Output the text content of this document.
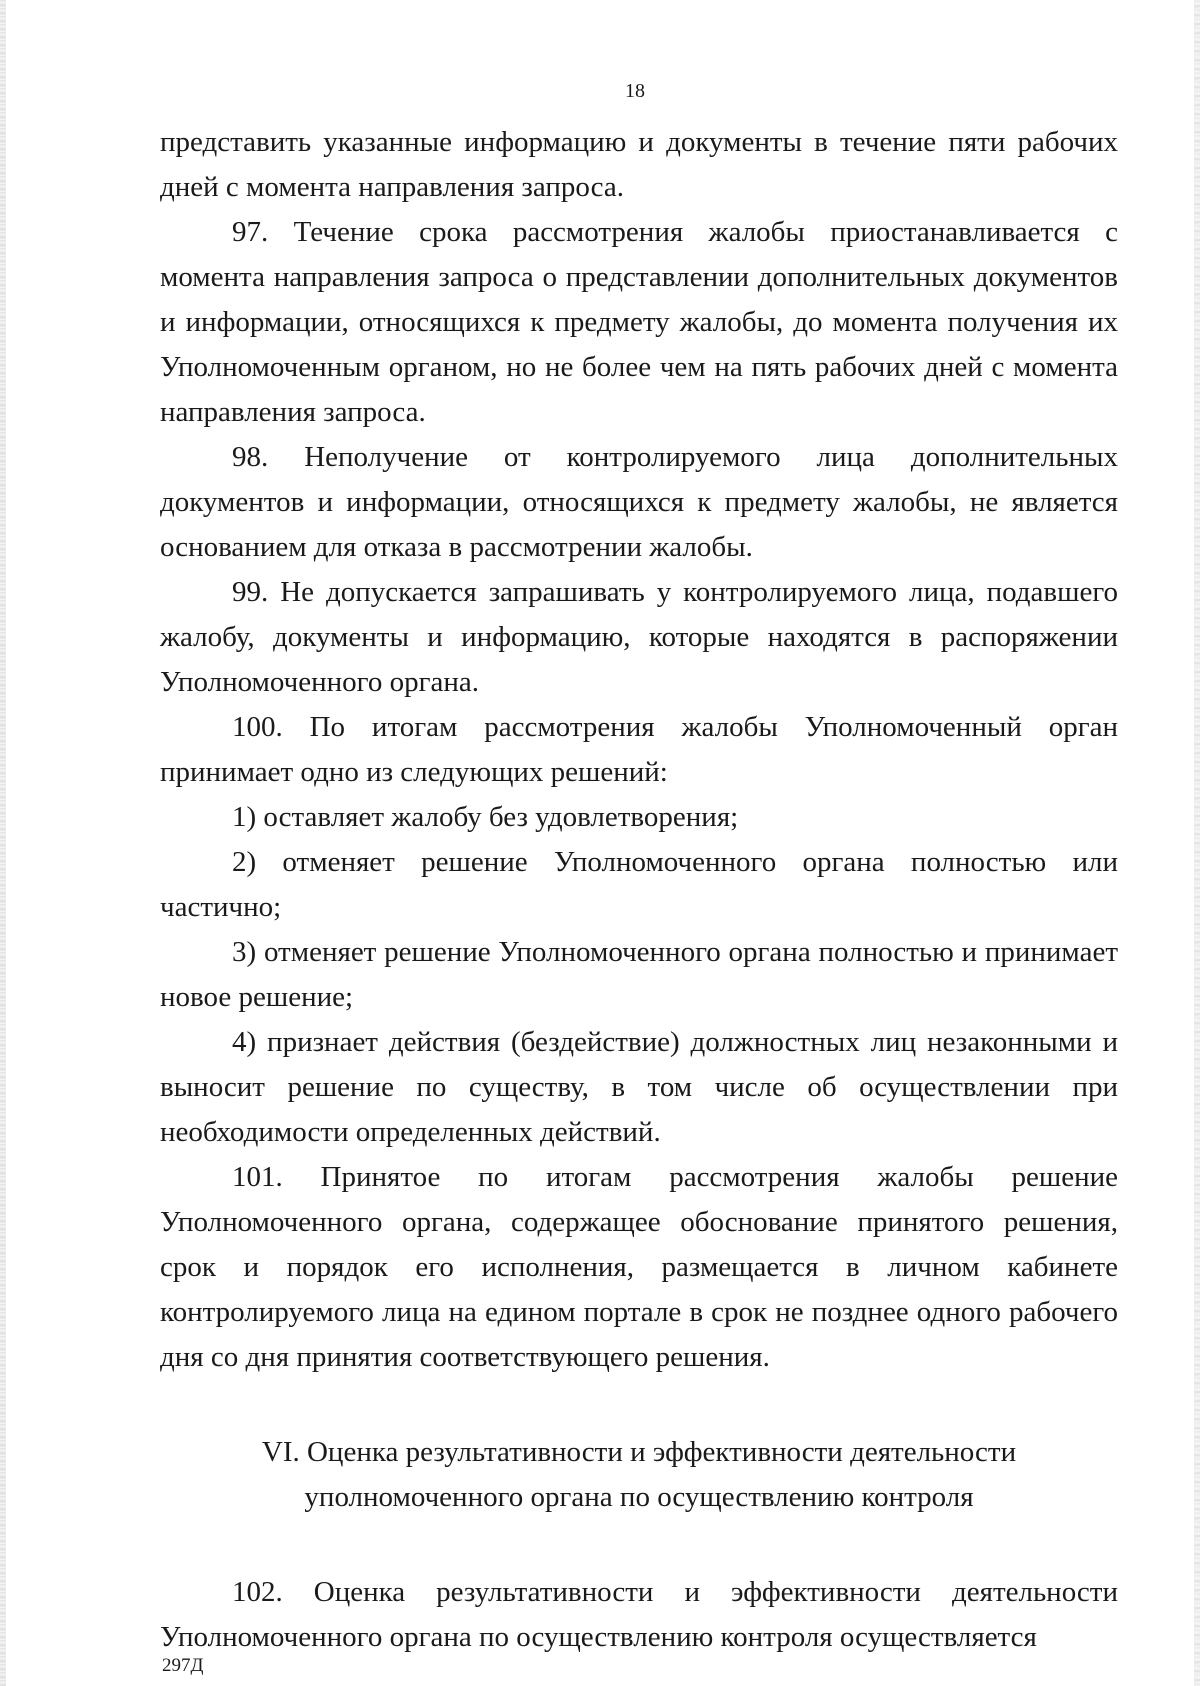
18

представить указанные информацию и документы в течение пяти рабочих дней с момента направления запроса.

97. Течение срока рассмотрения жалобы приостанавливается с момента направления запроса о представлении дополнительных документов и информации, относящихся к предмету жалобы, до момента получения их Уполномоченным органом, но не более чем на пять рабочих дней с момента направления запроса.

98. Неполучение от контролируемого лица дополнительных документов и информации, относящихся к предмету жалобы, не является основанием для отказа в рассмотрении жалобы.

99. Не допускается запрашивать у контролируемого лица, подавшего жалобу, документы и информацию, которые находятся в распоряжении Уполномоченного органа.

100. По итогам рассмотрения жалобы Уполномоченный орган принимает одно из следующих решений:

1) оставляет жалобу без удовлетворения;

2) отменяет решение Уполномоченного органа полностью или частично;

3) отменяет решение Уполномоченного органа полностью и принимает новое решение;

4) признает действия (бездействие) должностных лиц незаконными и выносит решение по существу, в том числе об осуществлении при необходимости определенных действий.

101. Принятое по итогам рассмотрения жалобы решение Уполномоченного органа, содержащее обоснование принятого решения, срок и порядок его исполнения, размещается в личном кабинете контролируемого лица на едином портале в срок не позднее одного рабочего дня со дня принятия соответствующего решения.

VI. Оценка результативности и эффективности деятельности
уполномоченного органа по осуществлению контроля

102. Оценка результативности и эффективности деятельности Уполномоченного органа по осуществлению контроля осуществляется

297Д
